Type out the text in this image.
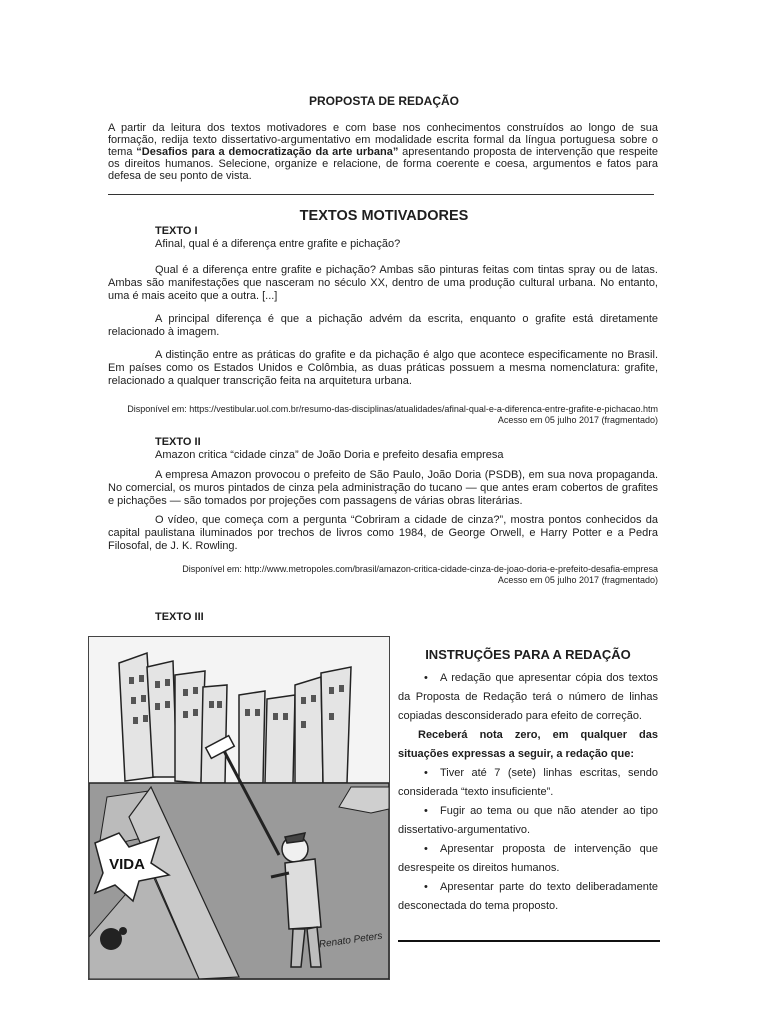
PROPOSTA DE REDAÇÃO
A partir da leitura dos textos motivadores e com base nos conhecimentos construídos ao longo de sua formação, redija texto dissertativo-argumentativo em modalidade escrita formal da língua portuguesa sobre o tema “Desafios para a democratização da arte urbana” apresentando proposta de intervenção que respeite os direitos humanos. Selecione, organize e relacione, de forma coerente e coesa, argumentos e fatos para defesa de seu ponto de vista.
TEXTOS MOTIVADORES
TEXTO I
Afinal, qual é a diferença entre grafite e pichação?

Qual é a diferença entre grafite e pichação? Ambas são pinturas feitas com tintas spray ou de latas. Ambas são manifestações que nasceram no século XX, dentro de uma produção cultural urbana. No entanto, uma é mais aceito que a outra. [...]

A principal diferença é que a pichação advém da escrita, enquanto o grafite está diretamente relacionado à imagem.

A distinção entre as práticas do grafite e da pichação é algo que acontece especificamente no Brasil. Em países como os Estados Unidos e Colômbia, as duas práticas possuem a mesma nomenclatura: grafite, relacionado a qualquer transcrição feita na arquitetura urbana.

Disponível em: https://vestibular.uol.com.br/resumo-das-disciplinas/atualidades/afinal-qual-e-a-diferenca-entre-grafite-e-pichacao.htm Acesso em 05 julho 2017 (fragmentado)
TEXTO II
Amazon critica “cidade cinza” de João Doria e prefeito desafia empresa

A empresa Amazon provocou o prefeito de São Paulo, João Doria (PSDB), em sua nova propaganda. No comercial, os muros pintados de cinza pela administração do tucano — que antes eram cobertos de grafites e pichações — são tomados por projeções com passagens de várias obras literárias.

O vídeo, que começa com a pergunta “Cobriram a cidade de cinza?”, mostra pontos conhecidos da capital paulistana iluminados por trechos de livros como 1984, de George Orwell, e Harry Potter e a Pedra Filosofal, de J. K. Rowling.

Disponível em: http://www.metropoles.com/brasil/amazon-critica-cidade-cinza-de-joao-doria-e-prefeito-desafia-empresa
Acesso em 05 julho 2017 (fragmentado)
TEXTO III
VIDA
Renato Peters
INSTRUÇÕES PARA A REDAÇÃO

• A redação que apresentar cópia dos textos da Proposta de Redação terá o número de linhas copiadas desconsiderado para efeito de correção.

Receberá nota zero, em qualquer das situações expressas a seguir, a redação que:

• Tiver até 7 (sete) linhas escritas, sendo considerada “texto insuficiente”.

• Fugir ao tema ou que não atender ao tipo dissertativo-argumentativo.

• Apresentar proposta de intervenção que desrespeite os direitos humanos.

• Apresentar parte do texto deliberadamente desconectada do tema proposto.
